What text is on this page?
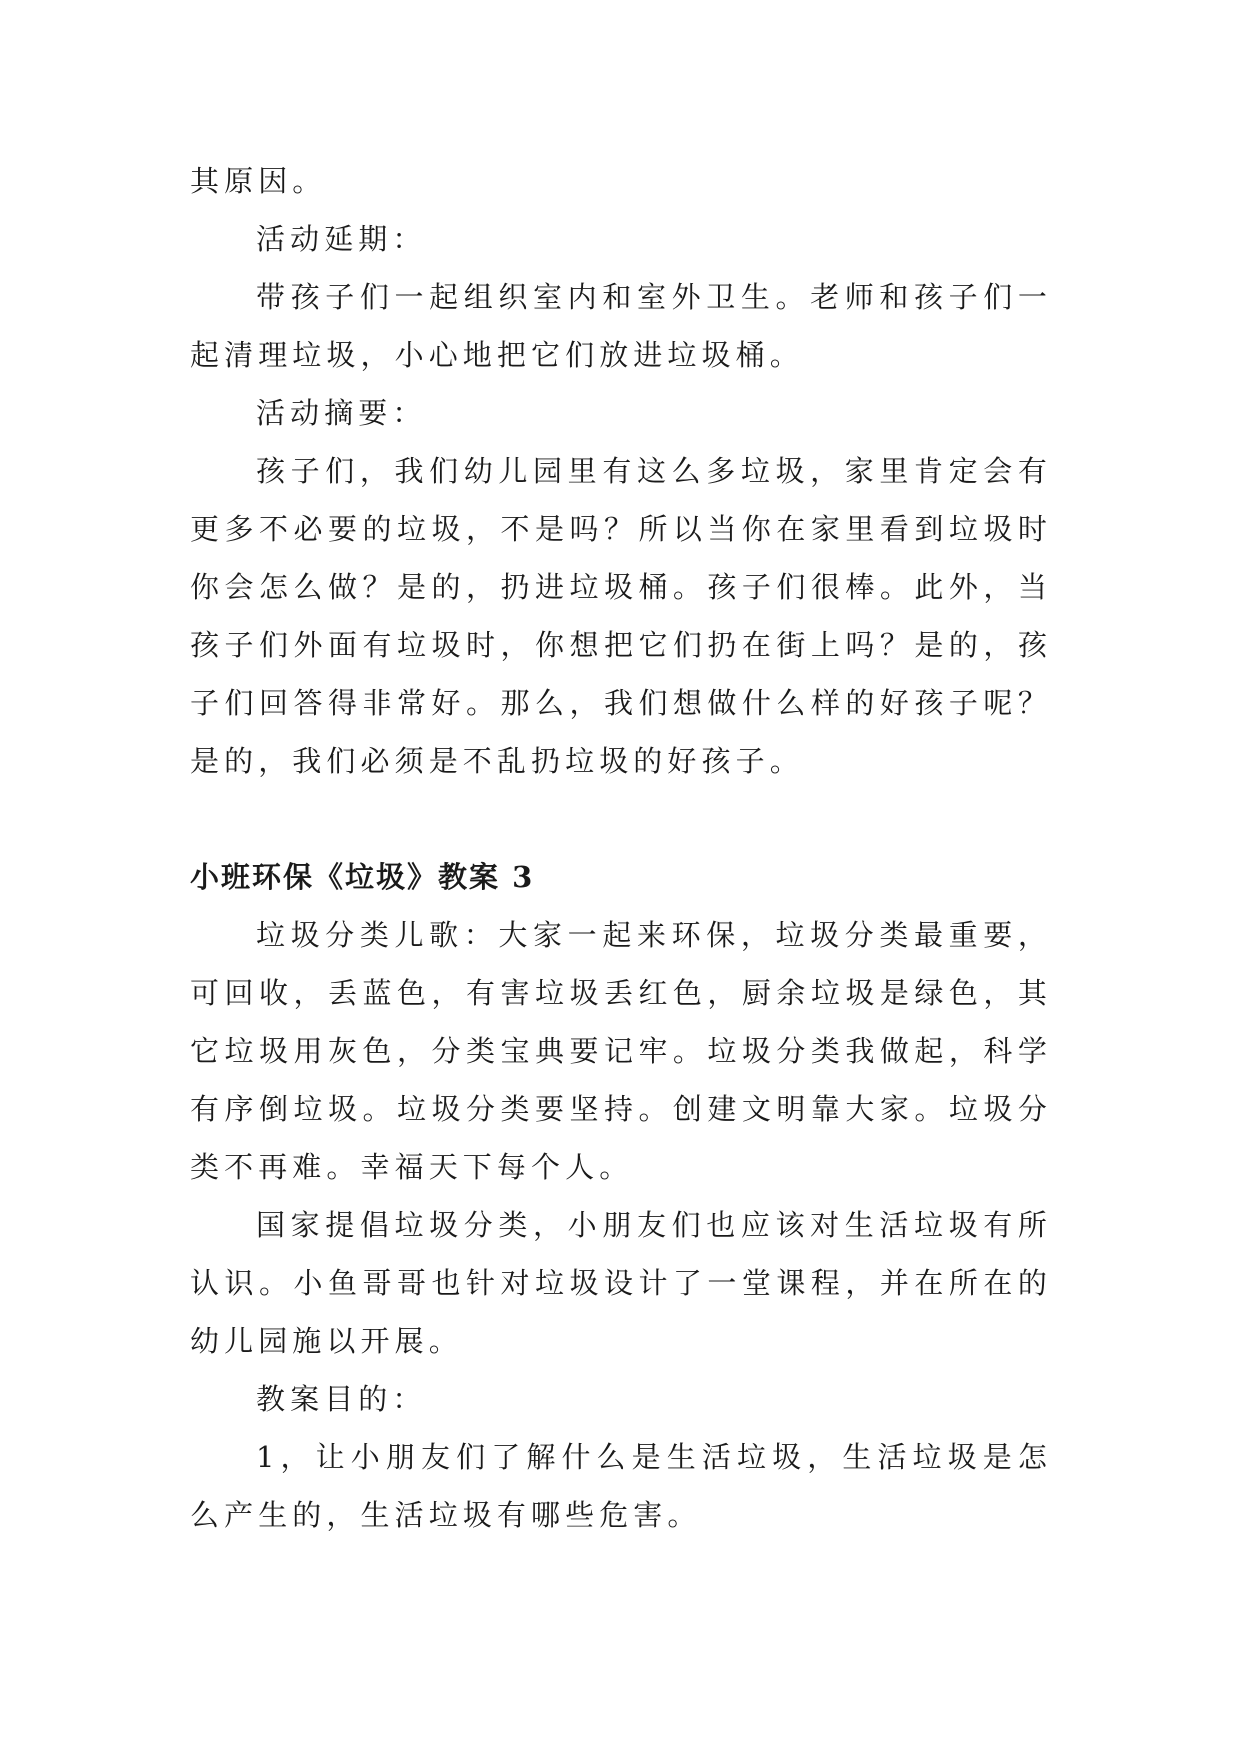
其原因。

活动延期：

带孩子们一起组织室内和室外卫生。老师和孩子们一起清理垃圾，小心地把它们放进垃圾桶。

活动摘要：

孩子们，我们幼儿园里有这么多垃圾，家里肯定会有更多不必要的垃圾，不是吗？所以当你在家里看到垃圾时你会怎么做？是的，扔进垃圾桶。孩子们很棒。此外，当孩子们外面有垃圾时，你想把它们扔在街上吗？是的，孩子们回答得非常好。那么，我们想做什么样的好孩子呢？是的，我们必须是不乱扔垃圾的好孩子。

小班环保《垃圾》教案 3

垃圾分类儿歌：大家一起来环保，垃圾分类最重要，可回收，丢蓝色，有害垃圾丢红色，厨余垃圾是绿色，其它垃圾用灰色，分类宝典要记牢。垃圾分类我做起，科学有序倒垃圾。垃圾分类要坚持。创建文明靠大家。垃圾分类不再难。幸福天下每个人。

国家提倡垃圾分类，小朋友们也应该对生活垃圾有所认识。小鱼哥哥也针对垃圾设计了一堂课程，并在所在的幼儿园施以开展。

教案目的：

1，让小朋友们了解什么是生活垃圾，生活垃圾是怎么产生的，生活垃圾有哪些危害。
